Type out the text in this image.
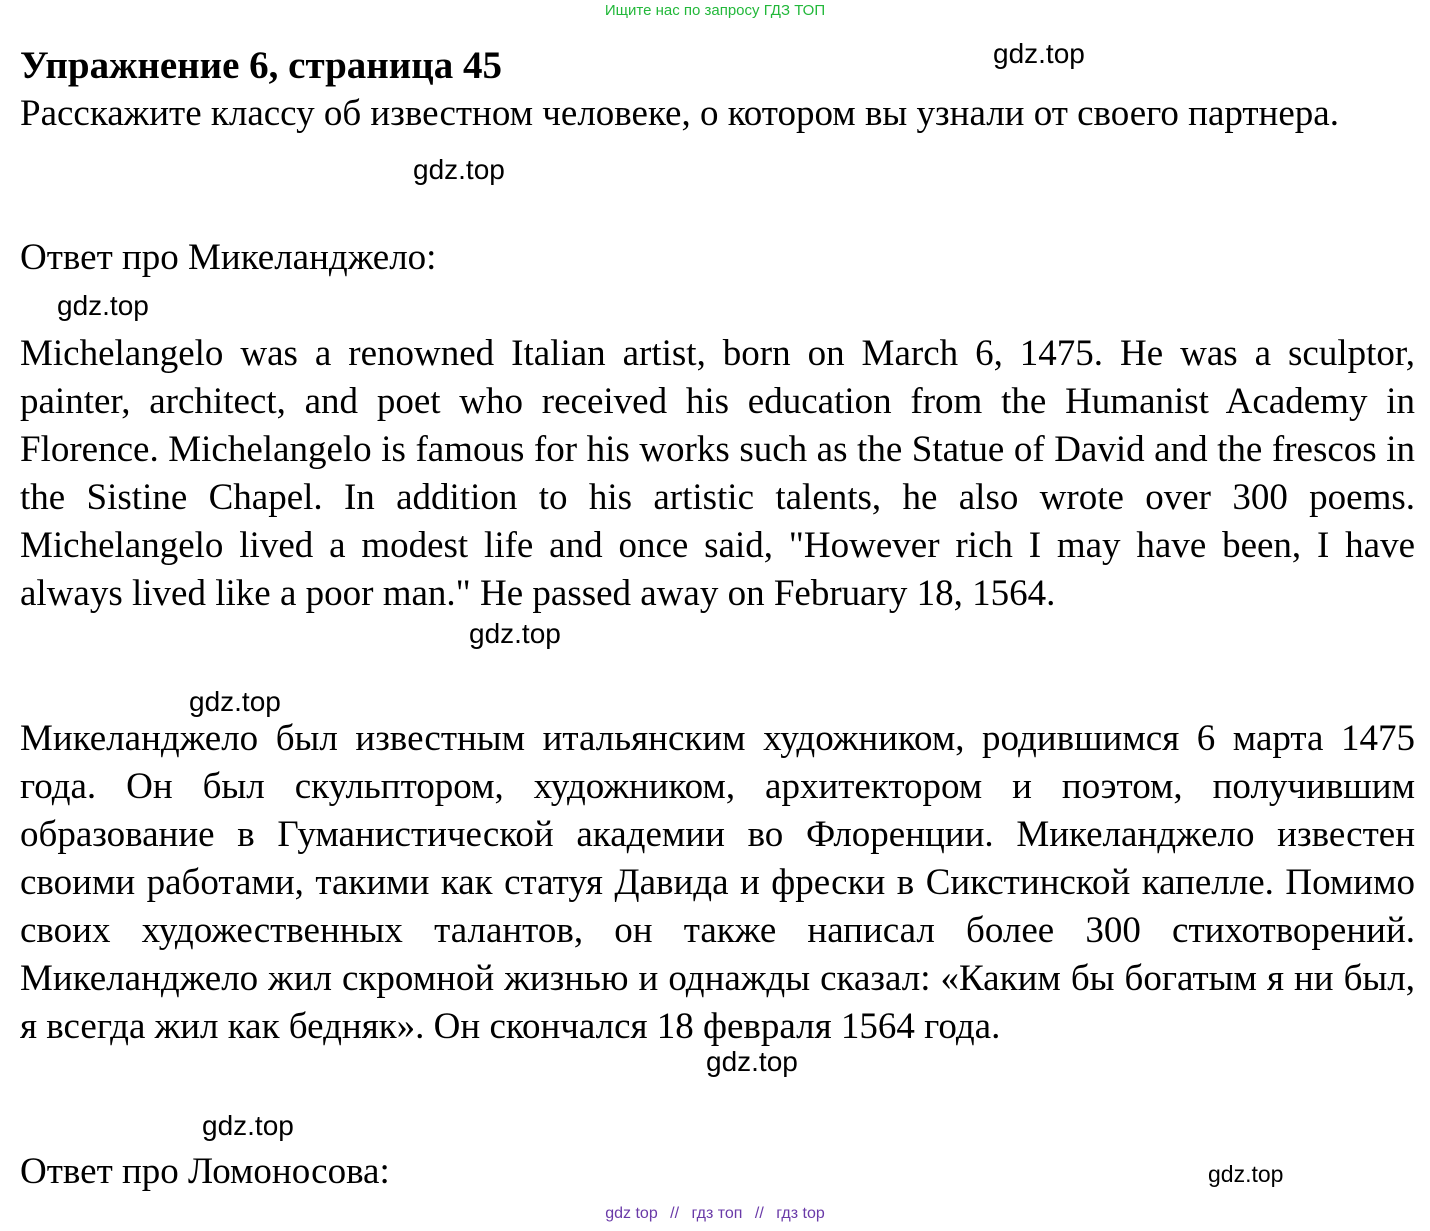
Ищите нас по запросу ГДЗ ТОП
Упражнение 6, страница 45
Расскажите классу об известном человеке, о котором вы узнали от своего партнера.
Ответ про Микеланджело:
Michelangelo was a renowned Italian artist, born on March 6, 1475. He was a sculptor, painter, architect, and poet who received his education from the Humanist Academy in Florence. Michelangelo is famous for his works such as the Statue of David and the frescos in the Sistine Chapel. In addition to his artistic talents, he also wrote over 300 poems. Michelangelo lived a modest life and once said, "However rich I may have been, I have always lived like a poor man." He passed away on February 18, 1564.
Микеланджело был известным итальянским художником, родившимся 6 марта 1475 года. Он был скульптором, художником, архитектором и поэтом, получившим образование в Гуманистической академии во Флоренции. Микеланджело известен своими работами, такими как статуя Давида и фрески в Сикстинской капелле. Помимо своих художественных талантов, он также написал более 300 стихотворений. Микеланджело жил скромной жизнью и однажды сказал: «Каким бы богатым я ни был, я всегда жил как бедняк». Он скончался 18 февраля 1564 года.
Ответ про Ломоносова:
gdz.top
gdz.top
gdz.top
gdz.top
gdz.top
gdz.top
gdz.top
gdz.top
gdz top // гдз топ // гдз top
